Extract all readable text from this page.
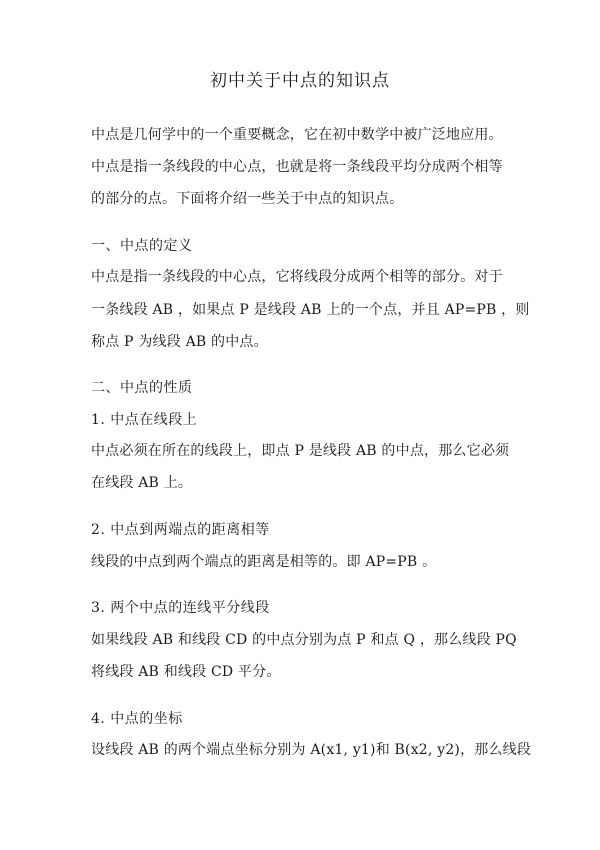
初中关于中点的知识点
中点是几何学中的一个重要概念，它在初中数学中被广泛地应用。
中点是指一条线段的中心点，也就是将一条线段平均分成两个相等
的部分的点。下面将介绍一些关于中点的知识点。
一、中点的定义
中点是指一条线段的中心点，它将线段分成两个相等的部分。对于
一条线段 AB ，如果点 P 是线段 AB 上的一个点，并且 AP=PB ，则
称点 P 为线段 AB 的中点。
二、中点的性质
1. 中点在线段上
中点必须在所在的线段上，即点 P 是线段 AB 的中点，那么它必须
在线段 AB 上。
2. 中点到两端点的距离相等
线段的中点到两个端点的距离是相等的。即 AP=PB 。
3. 两个中点的连线平分线段
如果线段 AB 和线段 CD 的中点分别为点 P 和点 Q ，那么线段 PQ
将线段 AB 和线段 CD 平分。
4. 中点的坐标
设线段 AB 的两个端点坐标分别为 A(x1, y1)和 B(x2, y2)，那么线段
